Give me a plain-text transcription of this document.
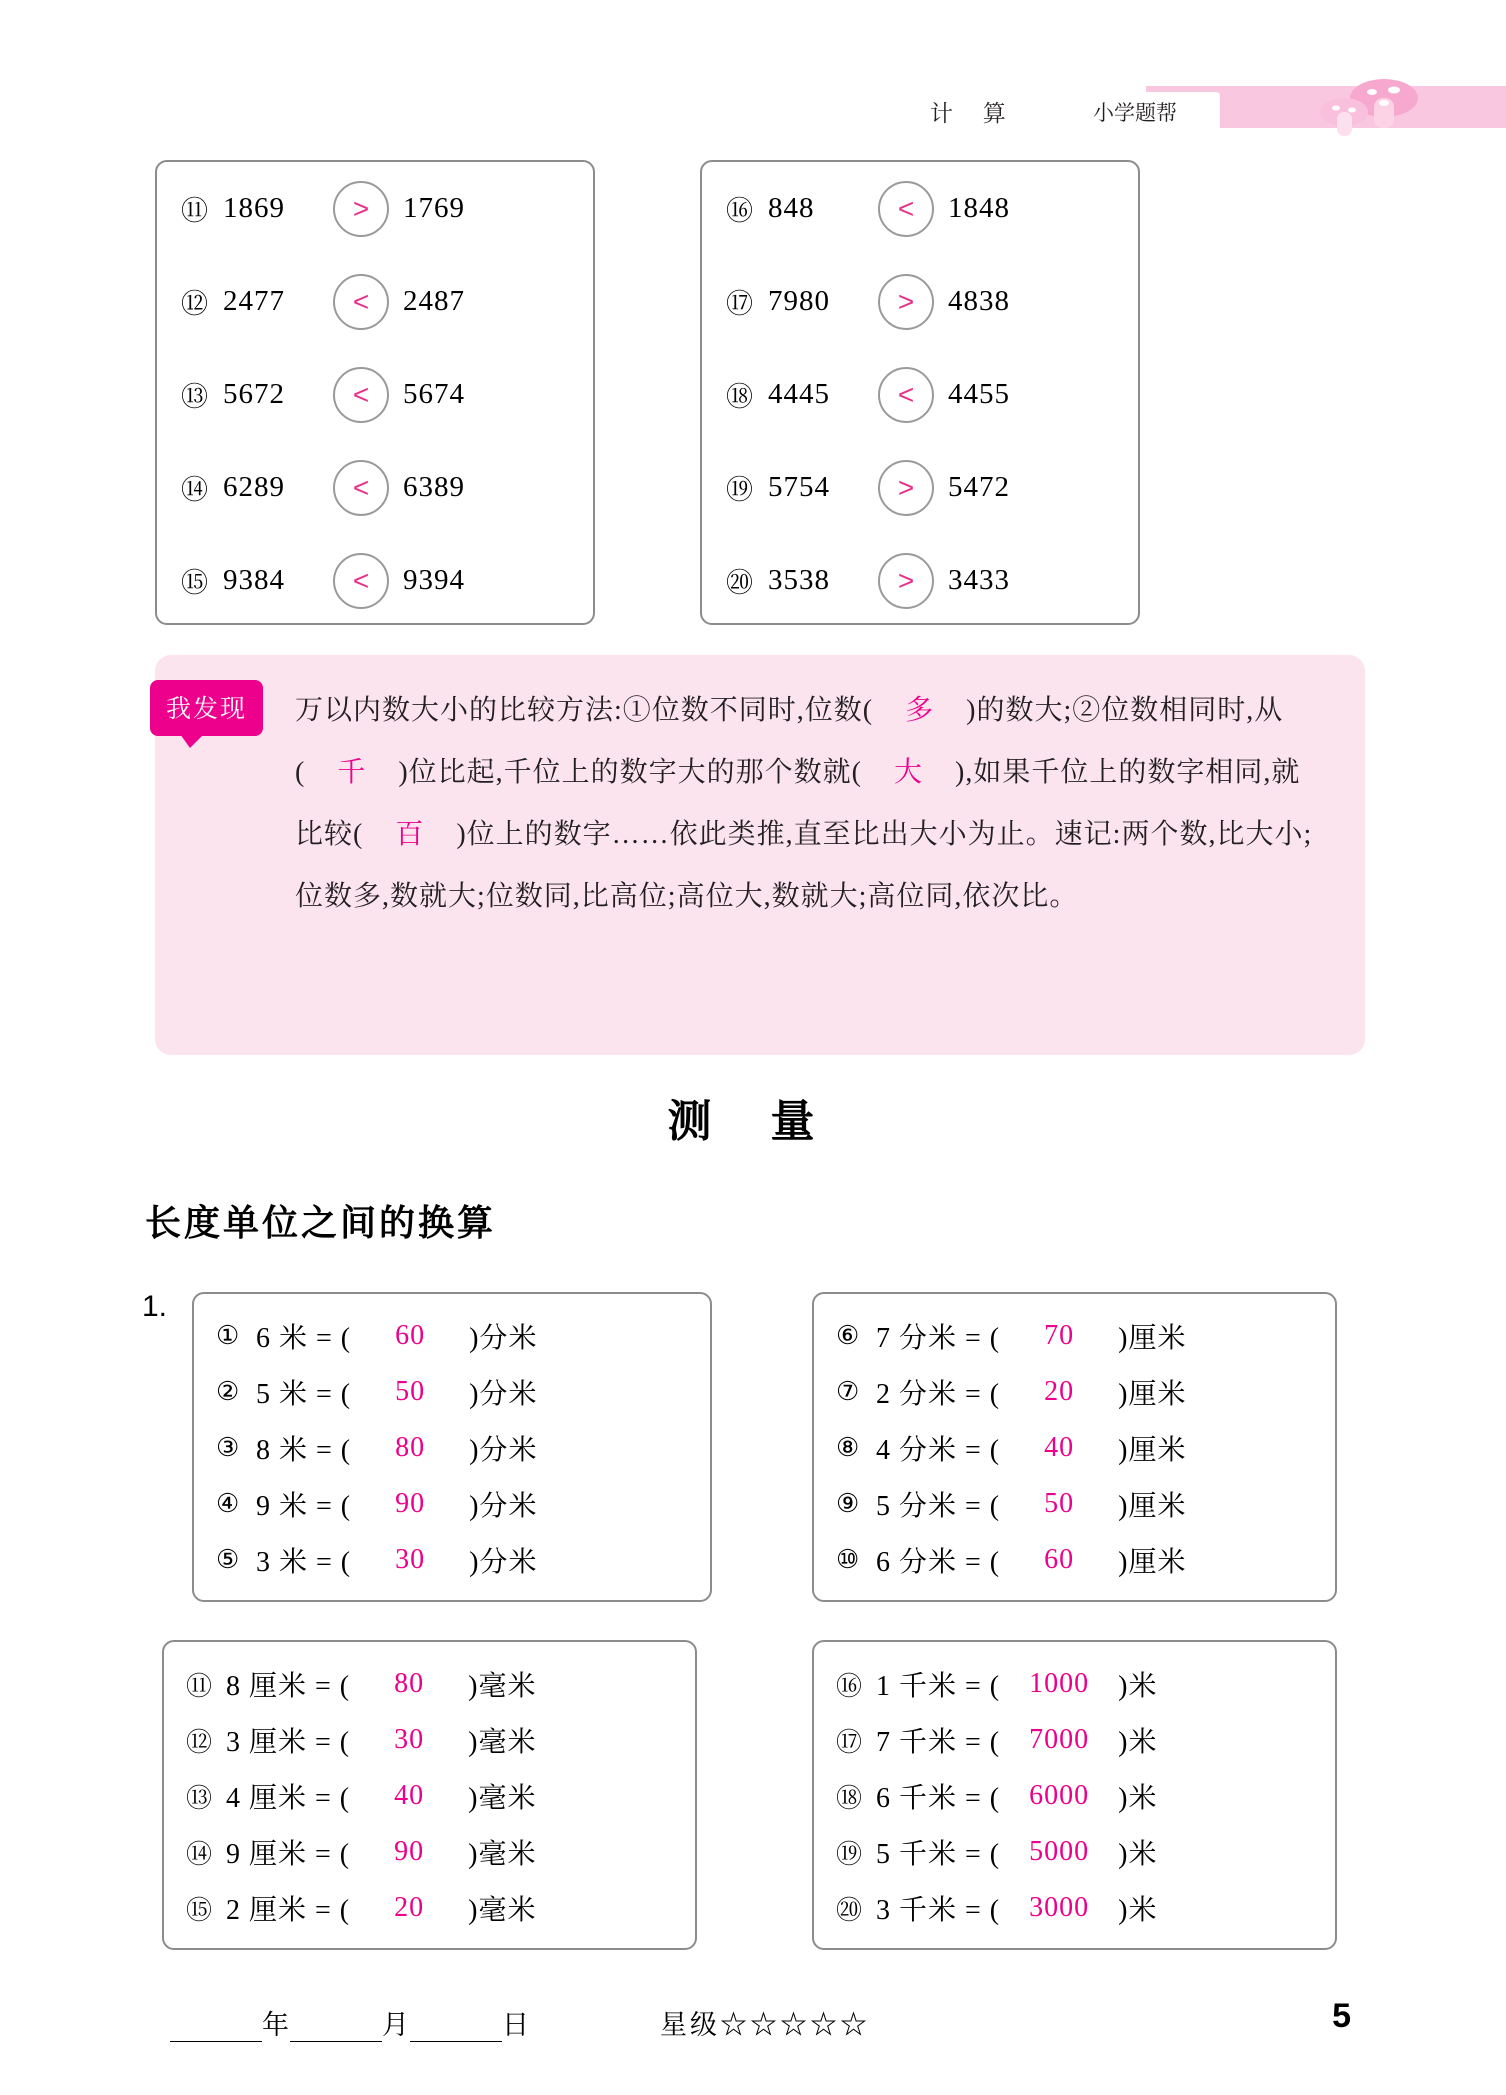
计 算	小学题帮
⑪ 1869	>	1769
⑫ 2477	<	2487
⑬ 5672	<	5674
⑭ 6289	<	6389
⑮ 9384	<	9394
⑯ 848	<	1848
⑰ 7980	>	4838
⑱ 4445	<	4455
⑲ 5754	>	5472
⑳ 3538	>	3433
我发现	万以内数大小的比较方法:①位数不同时,位数( 多 )的数大;②位数相同时,从( 千 )位比起,千位上的数字大的那个数就( 大 ),如果千位上的数字相同,就比较( 百 )位上的数字……依此类推,直至比出大小为止。速记:两个数,比大小;位数多,数就大;位数同,比高位;高位大,数就大;高位同,依次比。
测 量
长度单位之间的换算
1.
① 6 米 = (	60	)分米
② 5 米 = (	50	)分米
③ 8 米 = (	80	)分米
④ 9 米 = (	90	)分米
⑤ 3 米 = (	30	)分米
⑥ 7 分米 = (	70	)厘米
⑦ 2 分米 = (	20	)厘米
⑧ 4 分米 = (	40	)厘米
⑨ 5 分米 = (	50	)厘米
⑩ 6 分米 = (	60	)厘米
⑪ 8 厘米 = (	80	)毫米
⑫ 3 厘米 = (	30	)毫米
⑬ 4 厘米 = (	40	)毫米
⑭ 9 厘米 = (	90	)毫米
⑮ 2 厘米 = (	20	)毫米
⑯ 1 千米 = (	1000	)米
⑰ 7 千米 = (	7000	)米
⑱ 6 千米 = (	6000	)米
⑲ 5 千米 = (	5000	)米
⑳ 3 千米 = (	3000	)米
年	月	日	星级☆☆☆☆☆	5
